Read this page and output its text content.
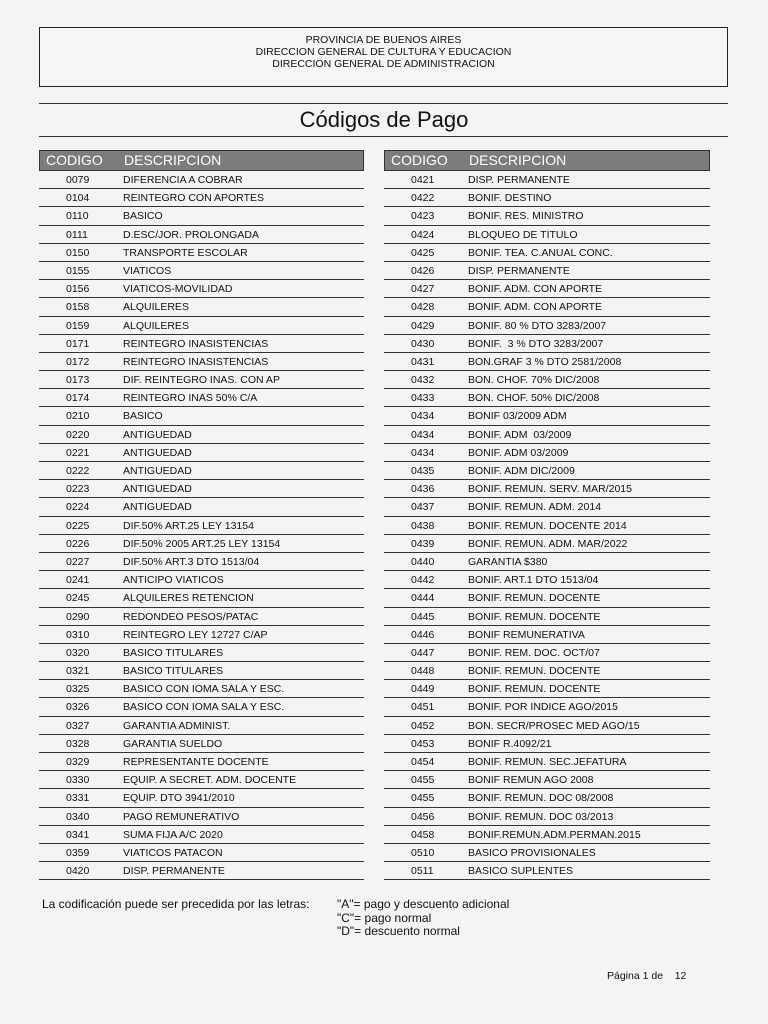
PROVINCIA DE BUENOS AIRES
DIRECCION GENERAL DE CULTURA Y EDUCACION
DIRECCION GENERAL DE ADMINISTRACION
Códigos de Pago
CODIGO DESCRIPCION
0079	DIFERENCIA A COBRAR
0104	REINTEGRO CON APORTES
0110	BASICO
0111	D.ESC/JOR. PROLONGADA
0150	TRANSPORTE ESCOLAR
0155	VIATICOS
0156	VIATICOS-MOVILIDAD
0158	ALQUILERES
0159	ALQUILERES
0171	REINTEGRO INASISTENCIAS
0172	REINTEGRO INASISTENCIAS
0173	DIF. REINTEGRO INAS. CON AP
0174	REINTEGRO INAS 50% C/A
0210	BASICO
0220	ANTIGUEDAD
0221	ANTIGUEDAD
0222	ANTIGUEDAD
0223	ANTIGUEDAD
0224	ANTIGUEDAD
0225	DIF.50% ART.25 LEY 13154
0226	DIF.50% 2005 ART.25 LEY 13154
0227	DIF.50% ART.3 DTO 1513/04
0241	ANTICIPO VIATICOS
0245	ALQUILERES RETENCION
0290	REDONDEO PESOS/PATAC
0310	REINTEGRO LEY 12727 C/AP
0320	BASICO TITULARES
0321	BASICO TITULARES
0325	BASICO CON IOMA SALA Y ESC.
0326	BASICO CON IOMA SALA Y ESC.
0327	GARANTIA ADMINIST.
0328	GARANTIA SUELDO
0329	REPRESENTANTE DOCENTE
0330	EQUIP. A SECRET. ADM. DOCENTE
0331	EQUIP. DTO 3941/2010
0340	PAGO REMUNERATIVO
0341	SUMA FIJA A/C 2020
0359	VIATICOS PATACON
0420	DISP. PERMANENTE
CODIGO DESCRIPCION
0421	DISP. PERMANENTE
0422	BONIF. DESTINO
0423	BONIF. RES. MINISTRO
0424	BLOQUEO DE TITULO
0425	BONIF. TEA. C.ANUAL CONC.
0426	DISP. PERMANENTE
0427	BONIF. ADM. CON APORTE
0428	BONIF. ADM. CON APORTE
0429	BONIF. 80 % DTO 3283/2007
0430	BONIF.  3 % DTO 3283/2007
0431	BON.GRAF 3 % DTO 2581/2008
0432	BON. CHOF. 70% DIC/2008
0433	BON. CHOF. 50% DIC/2008
0434	BONIF 03/2009 ADM
0434	BONIF. ADM  03/2009
0434	BONIF. ADM 03/2009
0435	BONIF. ADM DIC/2009
0436	BONIF. REMUN. SERV. MAR/2015
0437	BONIF. REMUN. ADM. 2014
0438	BONIF. REMUN. DOCENTE 2014
0439	BONIF. REMUN. ADM. MAR/2022
0440	GARANTIA $380
0442	BONIF. ART.1 DTO 1513/04
0444	BONIF. REMUN. DOCENTE
0445	BONIF. REMUN. DOCENTE
0446	BONIF REMUNERATIVA
0447	BONIF. REM. DOC. OCT/07
0448	BONIF. REMUN. DOCENTE
0449	BONIF. REMUN. DOCENTE
0451	BONIF. POR INDICE AGO/2015
0452	BON. SECR/PROSEC MED AGO/15
0453	BONIF R.4092/21
0454	BONIF. REMUN. SEC.JEFATURA
0455	BONIF REMUN AGO 2008
0455	BONIF. REMUN. DOC 08/2008
0456	BONIF. REMUN. DOC 03/2013
0458	BONIF.REMUN.ADM.PERMAN.2015
0510	BASICO PROVISIONALES
0511	BASICO SUPLENTES
La codificación puede ser precedida por las letras: "A"= pago y descuento adicional
"C"= pago normal
"D"= descuento normal
Página 1 de    12
